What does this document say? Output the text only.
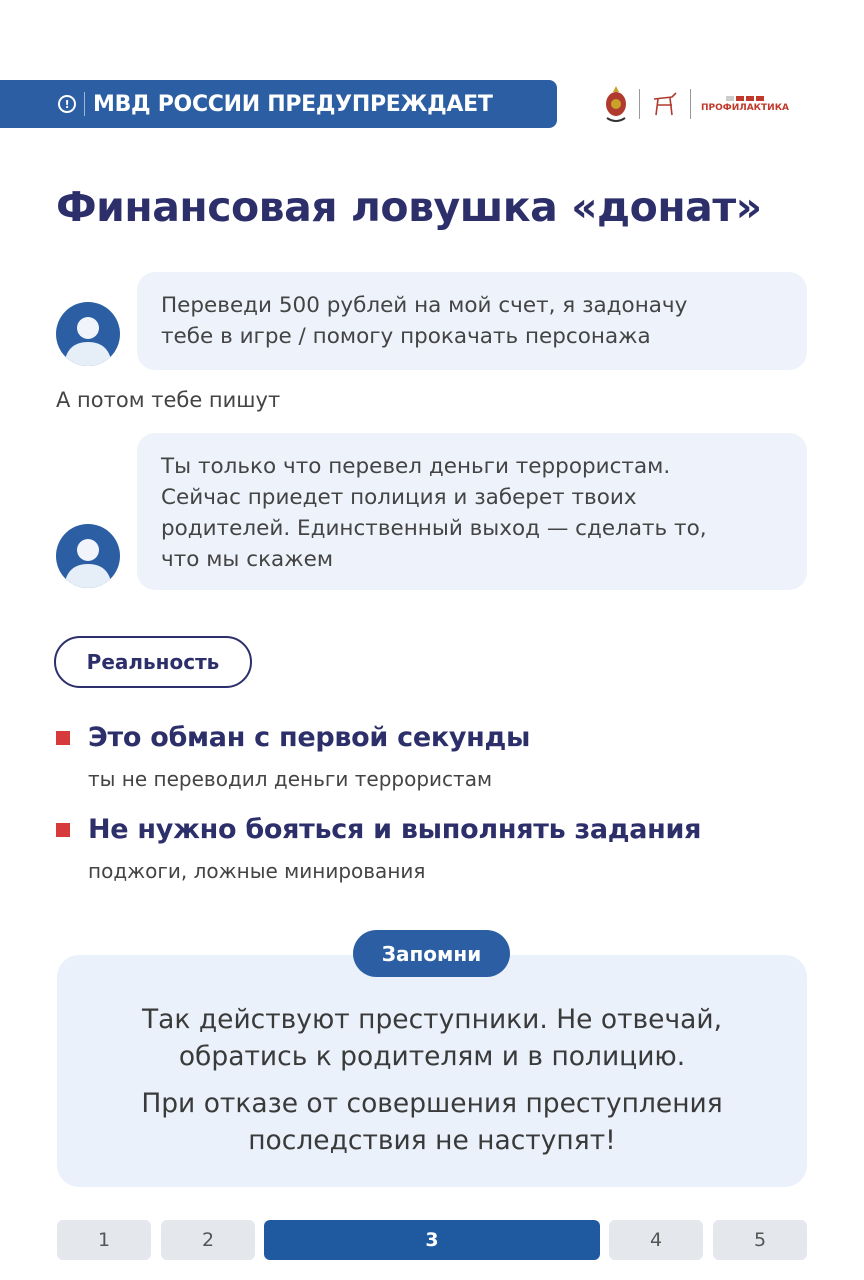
!	МВД РОССИИ ПРЕДУПРЕЖДАЕТ	ПРОФИЛАКТИКА
Финансовая ловушка «донат»
Переведи 500 рублей на мой счет, я задоначу
тебе в игре / помогу прокачать персонажа
А потом тебе пишут
Ты только что перевел деньги террористам.
Сейчас приедет полиция и заберет твоих
родителей. Единственный выход — сделать то,
что мы скажем
Реальность
Это обман с первой секунды
ты не переводил деньги террористам
Не нужно бояться и выполнять задания
поджоги, ложные минирования

Так действуют преступники. Не отвечай,
обратись к родителям и в полицию.

При отказе от совершения преступления
последствия не наступят!

Запомни
1	2	3	4	5
